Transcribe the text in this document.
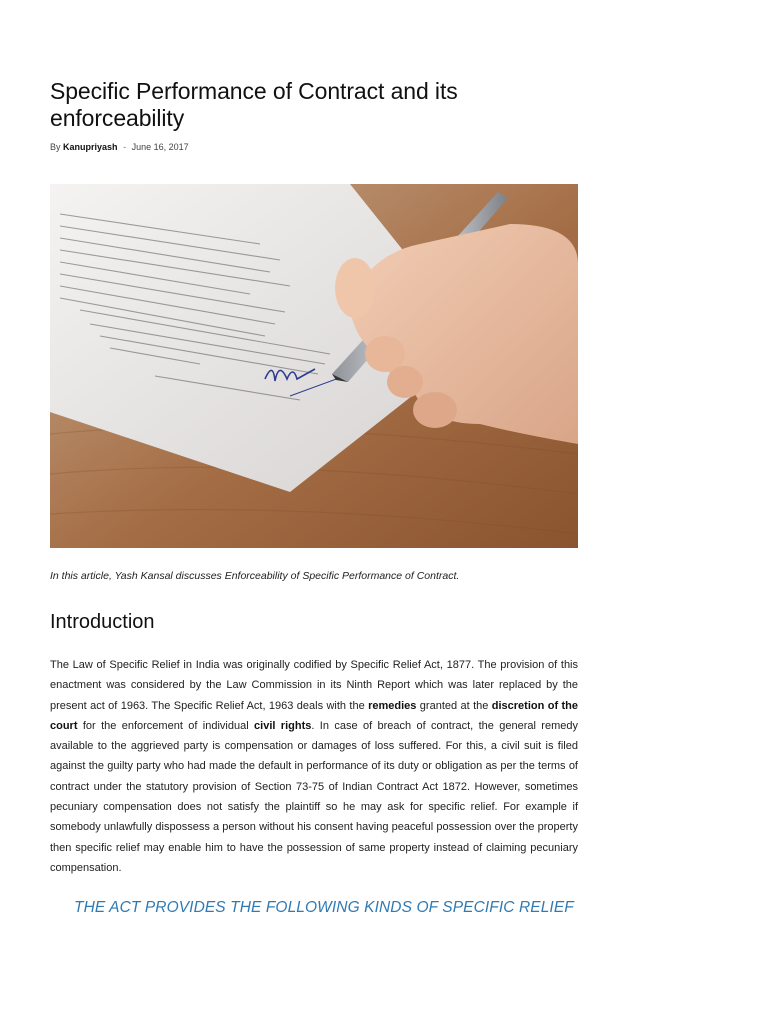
Specific Performance of Contract and its enforceability
By Kanupriyash - June 16, 2017

In this article, Yash Kansal discusses Enforceability of Specific Performance of Contract.

Introduction

The Law of Specific Relief in India was originally codified by Specific Relief Act, 1877. The provision of this enactment was considered by the Law Commission in its Ninth Report which was later replaced by the present act of 1963. The Specific Relief Act, 1963 deals with the remedies granted at the discretion of the court for the enforcement of individual civil rights. In case of breach of contract, the general remedy available to the aggrieved party is compensation or damages of loss suffered. For this, a civil suit is filed against the guilty party who had made the default in performance of its duty or obligation as per the terms of contract under the statutory provision of Section 73-75 of Indian Contract Act 1872. However, sometimes pecuniary compensation does not satisfy the plaintiff so he may ask for specific relief. For example if somebody unlawfully dispossess a person without his consent having peaceful possession over the property then specific relief may enable him to have the possession of same property instead of claiming pecuniary compensation.

THE ACT PROVIDES THE FOLLOWING KINDS OF SPECIFIC RELIEF
